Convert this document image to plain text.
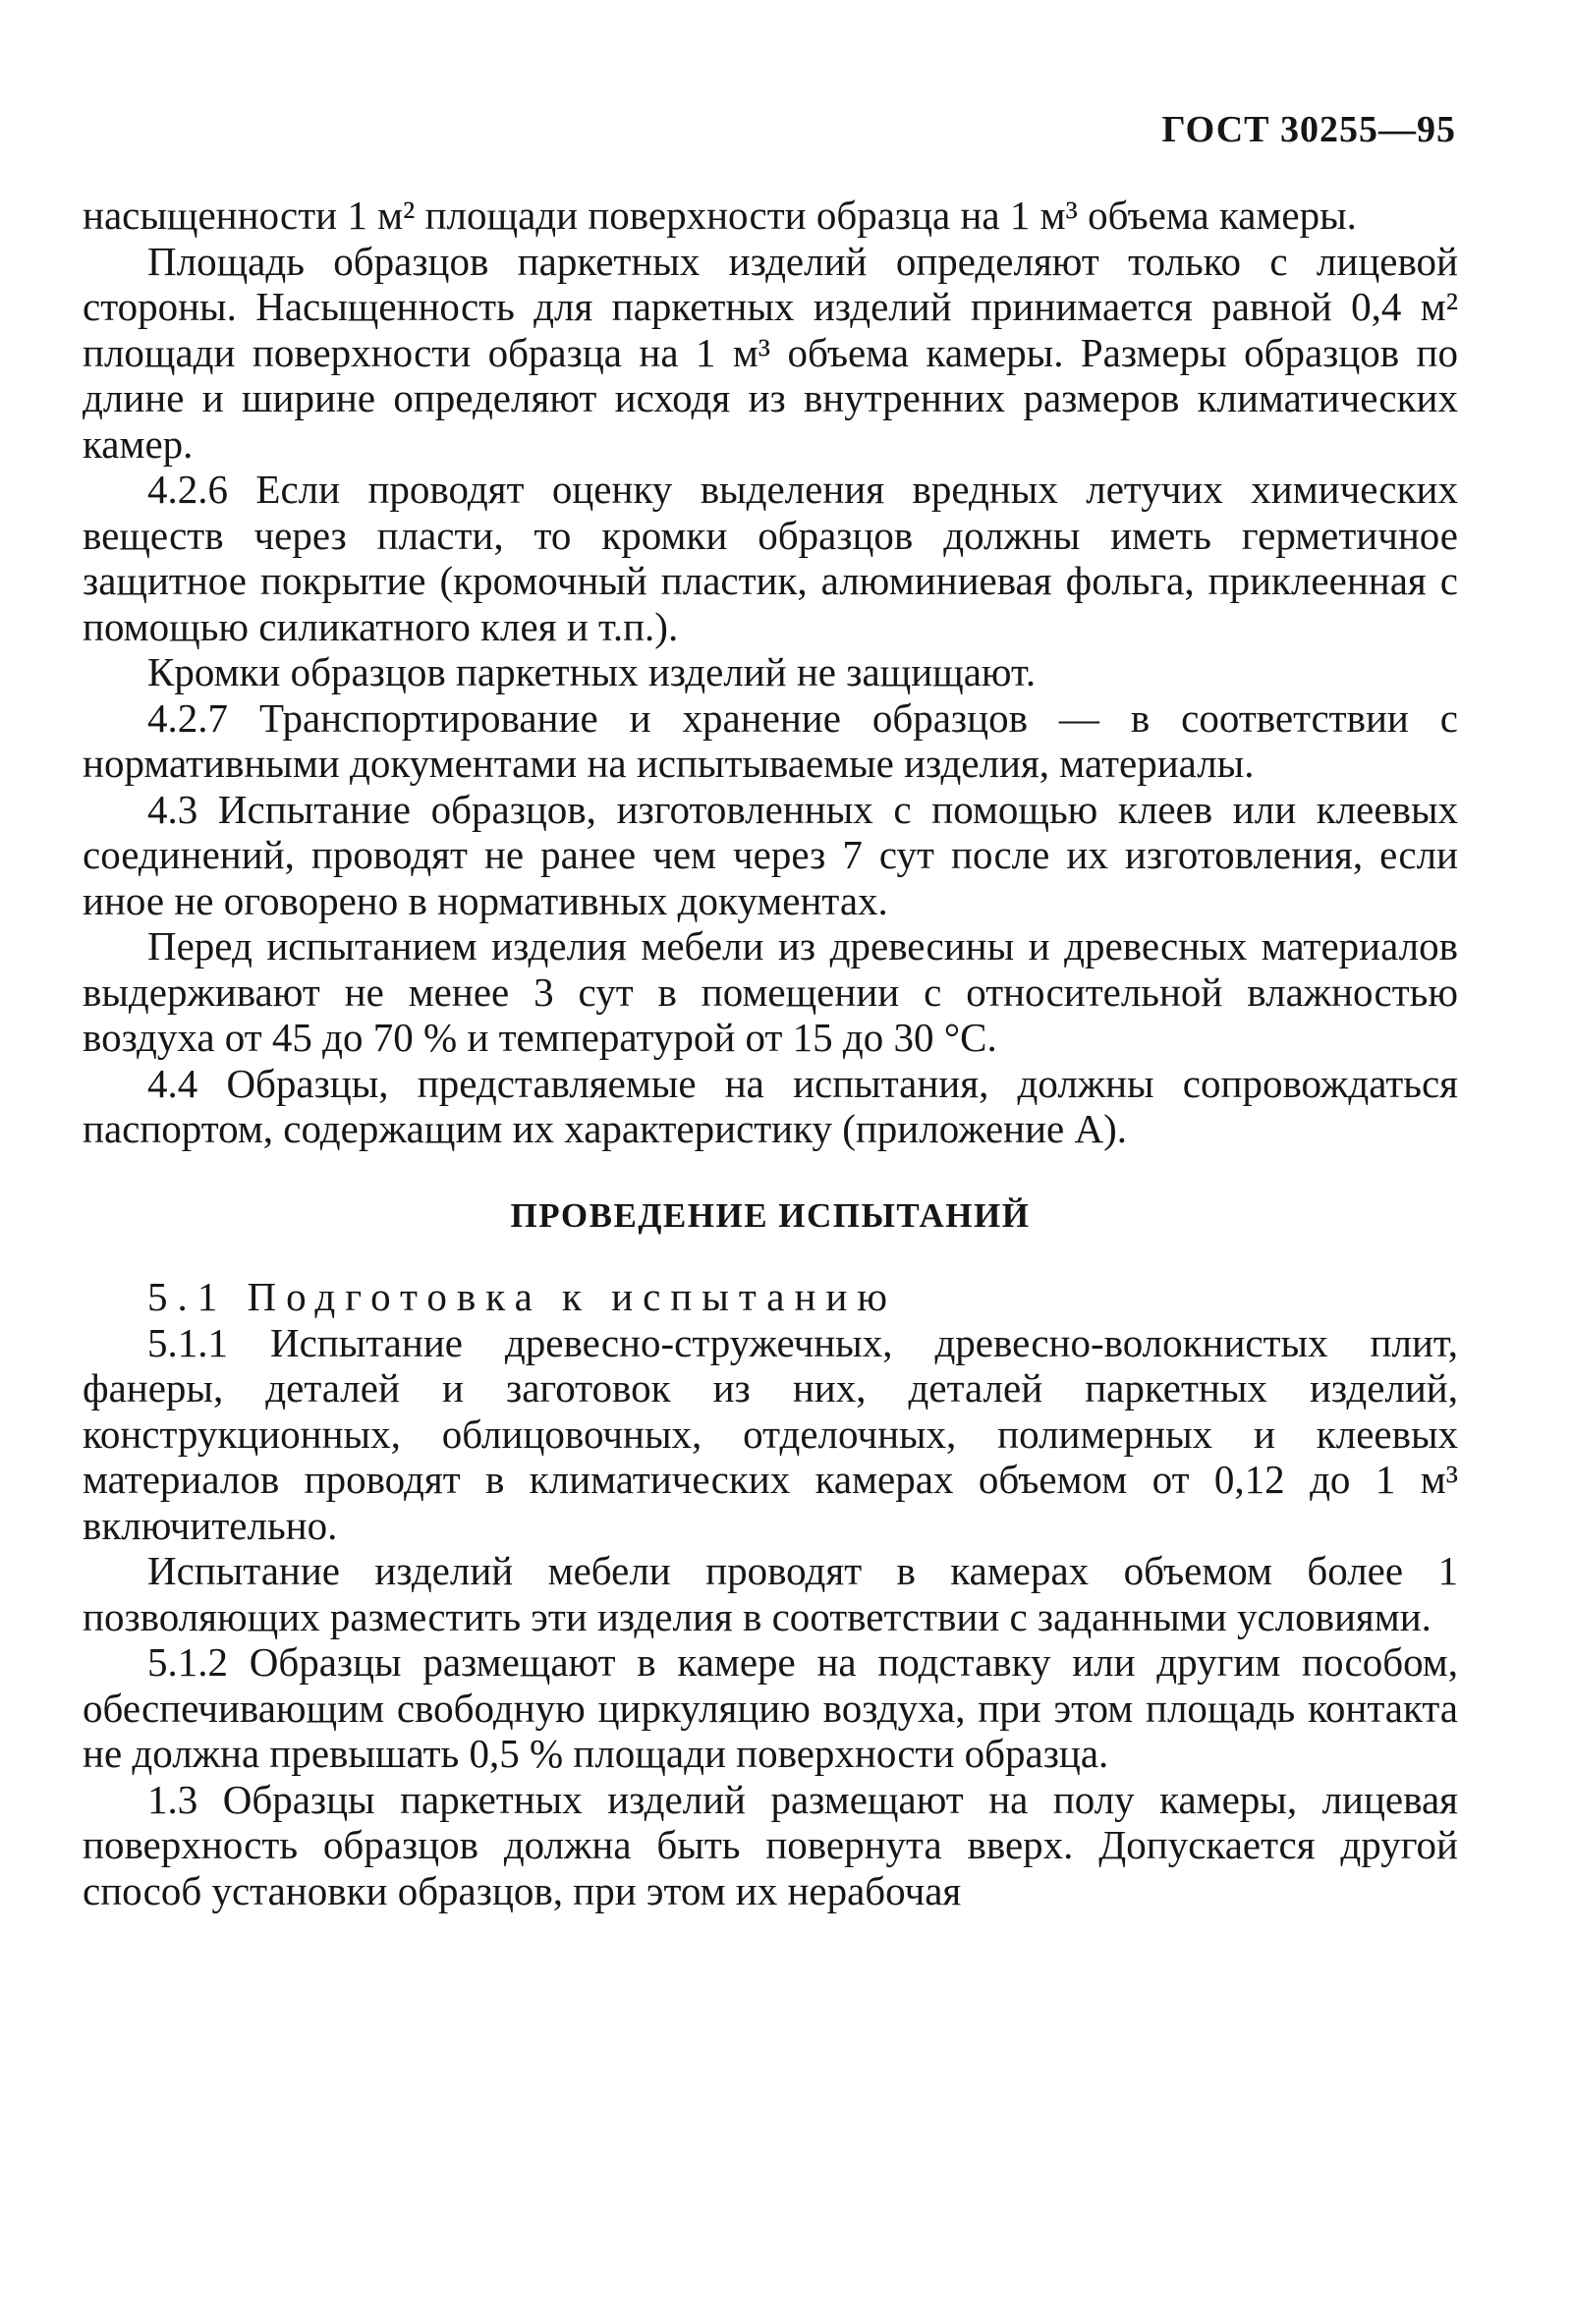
ГОСТ 30255—95

насыщенности 1 м² площади поверхности образца на 1 м³ объема камеры.

Площадь образцов паркетных изделий определяют только с лицевой стороны. Насыщенность для паркетных изделий принимается равной 0,4 м² площади поверхности образца на 1 м³ объема камеры. Размеры образцов по длине и ширине определяют исходя из внутренних размеров климатических камер.

4.2.6 Если проводят оценку выделения вредных летучих химических веществ через пласти, то кромки образцов должны иметь герметичное защитное покрытие (кромочный пластик, алюминиевая фольга, приклеенная с помощью силикатного клея и т.п.).

Кромки образцов паркетных изделий не защищают.

4.2.7 Транспортирование и хранение образцов — в соответствии с нормативными документами на испытываемые изделия, материалы.

4.3 Испытание образцов, изготовленных с помощью клеев или клеевых соединений, проводят не ранее чем через 7 сут после их изготовления, если иное не оговорено в нормативных документах.

Перед испытанием изделия мебели из древесины и древесных материалов выдерживают не менее 3 сут в помещении с относительной влажностью воздуха от 45 до 70 % и температурой от 15 до 30 °С.

4.4 Образцы, представляемые на испытания, должны сопровождаться паспортом, содержащим их характеристику (приложение А).

ПРОВЕДЕНИЕ ИСПЫТАНИЙ

5.1 Подготовка к испытанию

5.1.1 Испытание древесно-стружечных, древесно-волокнистых плит, фанеры, деталей и заготовок из них, деталей паркетных изделий, конструкционных, облицовочных, отделочных, полимерных и клеевых материалов проводят в климатических камерах объемом от 0,12 до 1 м³ включительно.

Испытание изделий мебели проводят в камерах объемом более 1 позволяющих разместить эти изделия в соответствии с заданными условиями.

5.1.2 Образцы размещают в камере на подставку или другим пособом, обеспечивающим свободную циркуляцию воздуха, при этом площадь контакта не должна превышать 0,5 % площади поверхности образца.

1.3 Образцы паркетных изделий размещают на полу камеры, лицевая поверхность образцов должна быть повернута вверх. Допускается другой способ установки образцов, при этом их нерабочая
